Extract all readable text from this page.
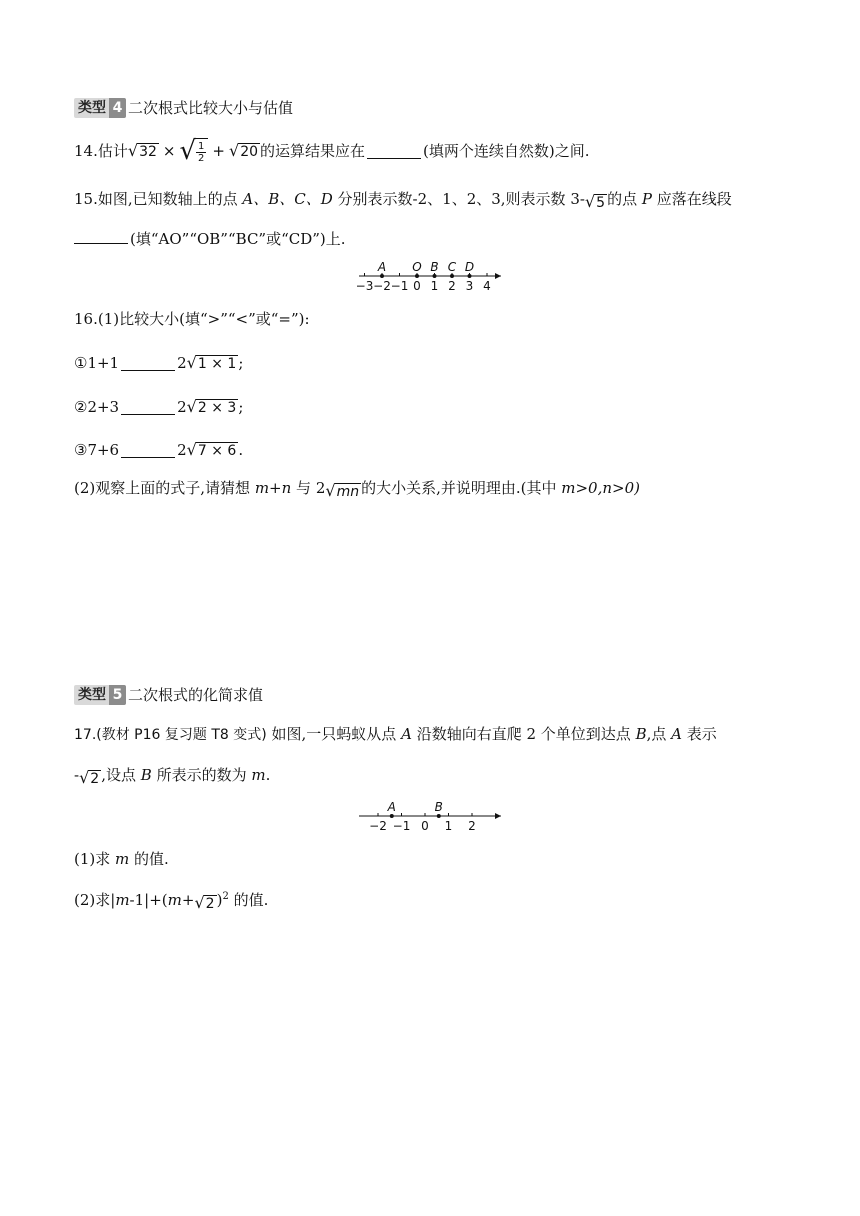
类型 4 二次根式比较大小与估值
14.估计 √ 32 × √ $\frac{1}{2}$ + √ 20 的运算结果应在	(填两个连续自然数)之间.
15.如图,已知数轴上的点 A、B、C、D 分别表示数-2、1、2、3,则表示数 3- √ 5 的点 P 应落在线段
(填“AO”“OB”“BC”或“CD”)上.
−3 −2 −1 0 1 2 3 4
A O B C D
16.(1)比较大小(填“>”“<”或“=”):
①1+1	2 √ 1 × 1 ;
②2+3	2 √ 2 × 3 ;
③7+6	2 √ 7 × 6 .
(2)观察上面的式子,请猜想 m+n 与 2 √ mn 的大小关系,并说明理由.(其中 m>0,n>0)
类型 5 二次根式的化简求值
17.(教材 P16 复习题 T8 变式) 如图,一只蚂蚁从点 A 沿数轴向右直爬 2 个单位到达点 B,点 A 表示
- √ 2 ,设点 B 所表示的数为 m.
−2 −1 0 1 2
A	B
(1)求 m 的值.
(2)求|m-1|+(m+ √ 2 )$^2$ 的值.
